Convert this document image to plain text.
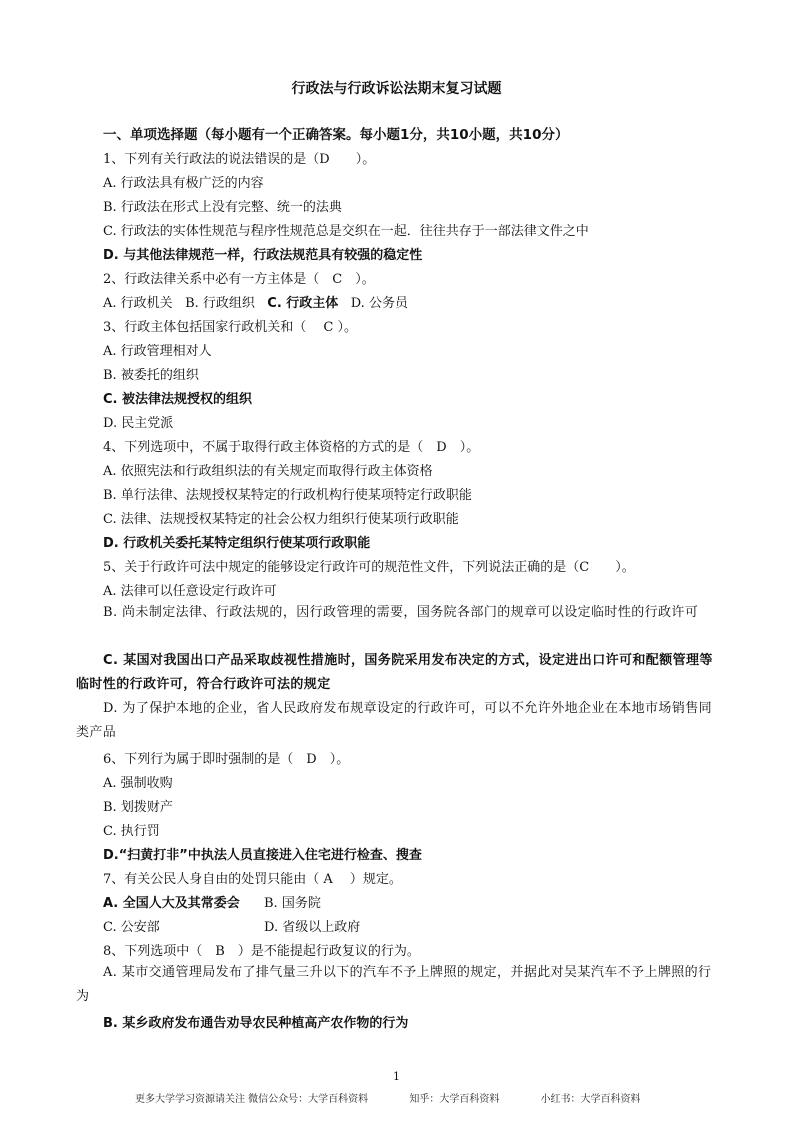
行政法与行政诉讼法期末复习试题
一、单项选择题（每小题有一个正确答案。每小题1分，共10小题，共10分）
1、下列有关行政法的说法错误的是（D　　）。
A. 行政法具有极广泛的内容
B. 行政法在形式上没有完整、统一的法典
C. 行政法的实体性规范与程序性规范总是交织在一起．往往共存于一部法律文件之中
D. 与其他法律规范一样，行政法规范具有较强的稳定性
2、行政法律关系中必有一方主体是（　C　）。
A. 行政机关 B. 行政组织 C. 行政主体 D. 公务员
3、行政主体包括国家行政机关和（　 C ）。
A. 行政管理相对人
B. 被委托的组织
C. 被法律法规授权的组织
D. 民主党派
4、下列选项中，不属于取得行政主体资格的方式的是（　D　）。
A. 依照宪法和行政组织法的有关规定而取得行政主体资格
B. 单行法律、法规授权某特定的行政机构行使某项特定行政职能
C. 法律、法规授权某特定的社会公权力组织行使某项行政职能
D. 行政机关委托某特定组织行使某项行政职能
5、关于行政许可法中规定的能够设定行政许可的规范性文件，下列说法正确的是（C　　）。
A. 法律可以任意设定行政许可
B. 尚未制定法律、行政法规的，因行政管理的需要，国务院各部门的规章可以设定临时性的行政许可
C. 某国对我国出口产品采取歧视性措施时，国务院采用发布决定的方式，设定进出口许可和配额管理等临时性的行政许可，符合行政许可法的规定
D. 为了保护本地的企业，省人民政府发布规章设定的行政许可，可以不允许外地企业在本地市场销售同类产品
6、下列行为属于即时强制的是（　D　）。
A. 强制收购
B. 划拨财产
C. 执行罚
D.“扫黄打非”中执法人员直接进入住宅进行检查、搜查
7、有关公民人身自由的处罚只能由（ A　 ）规定。
A. 全国人大及其常委会 B. 国务院
C. 公安部	D. 省级以上政府
8、下列选项中（　B　）是不能提起行政复议的行为。
A. 某市交通管理局发布了排气量三升以下的汽车不予上牌照的规定，并据此对吴某汽车不予上牌照的行为
B. 某乡政府发布通告劝导农民种植高产农作物的行为
1
更多大学学习资源请关注 微信公众号：大学百科资料	知乎：大学百科资料	小红书：大学百科资料
